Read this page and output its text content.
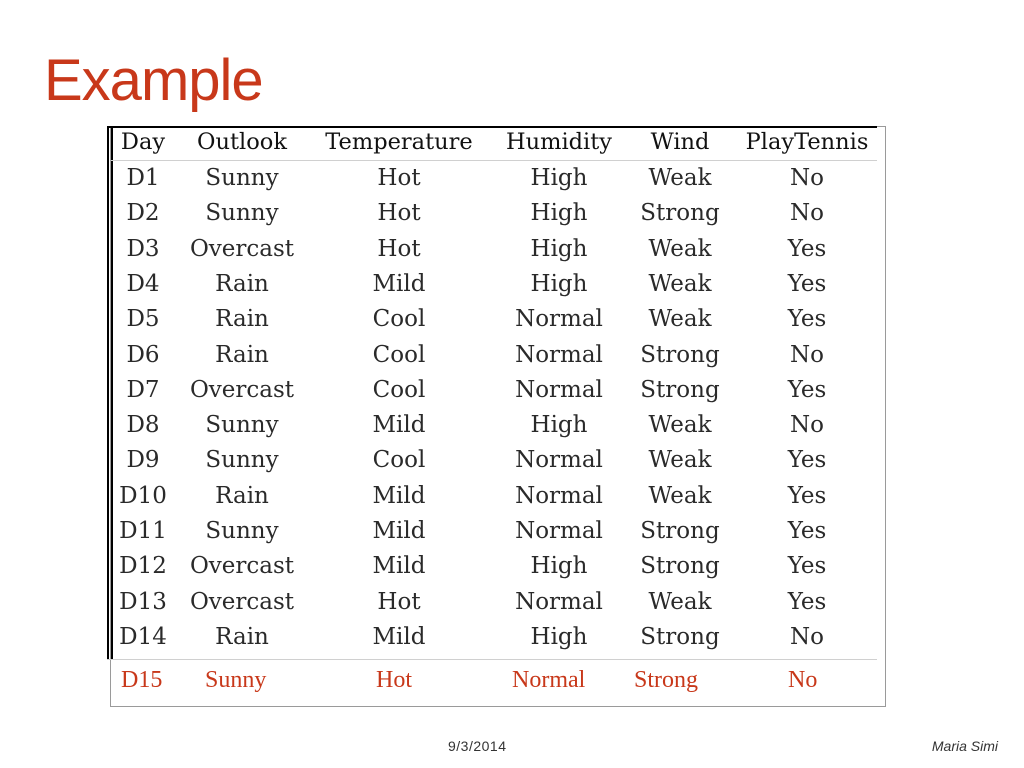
Example
Day Outlook Temperature Humidity Wind PlayTennis
D1 Sunny	Hot	High	Weak	No
D2 Sunny	Hot	High Strong	No
D3 Overcast	Hot	High	Weak	Yes
D4 Rain	Mild	High	Weak	Yes
D5 Rain	Cool	Normal Weak	Yes
D6 Rain	Cool	Normal Strong	No
D7 Overcast	Cool	Normal Strong	Yes
D8 Sunny	Mild	High	Weak	No
D9 Sunny	Cool	Normal Weak	Yes
D10 Rain	Mild	Normal Weak	Yes
D11 Sunny	Mild	Normal Strong	Yes
D12 Overcast	Mild	High Strong	Yes
D13 Overcast	Hot	Normal Weak	Yes
D14 Rain	Mild	High Strong	No
D15 Sunny	Hot	Normal Strong	No
9/3/2014	Maria Simi
